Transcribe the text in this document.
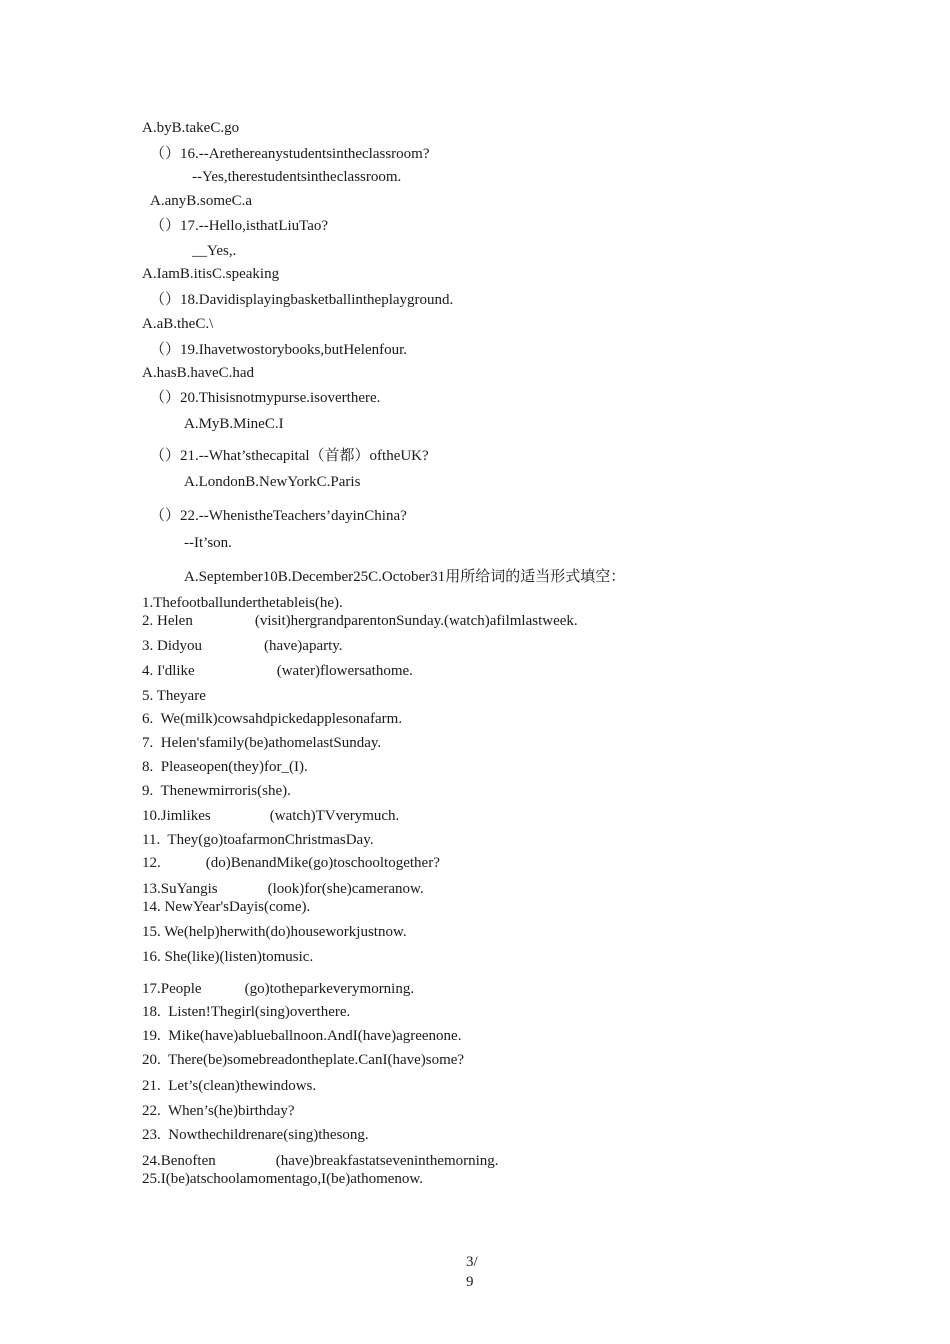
A.byB.takeC.go
（）16.--Arethereanystudentsintheclassroom?
--Yes,therestudentsintheclassroom.
A.anyB.someC.a
（）17.--Hello,isthatLiuTao?
__Yes,.
A.IamB.itisC.speaking
（）18.Davidisplayingbasketballintheplayground.
A.aB.theC.\
（）19.Ihavetwostorybooks,butHelenfour.
A.hasB.haveC.had
（）20.Thisisnotmypurse.isoverthere.
A.MyB.MineC.I
（）21.--What’sthecapital（首都）oftheUK?
A.LondonB.NewYorkC.Paris
（）22.--WhenistheTeachers’dayinChina?
--It’son.
A.September10B.December25C.October31用所给词的适当形式填空：
1.Thefootballunderthetableis(he).
2. Helen	(visit)hergrandparentonSunday.(watch)afilmlastweek.
3. Didyou	(have)aparty.
4. I'dlike	(water)flowersathome.
5. Theyare
6.  We(milk)cowsahdpickedapplesonafarm.
7.  Helen'sfamily(be)athomelastSunday.
8.  Pleaseopen(they)for_(I).
9.  Thenewmirroris(she).
10.Jimlikes	(watch)TVverymuch.
11.  They(go)toafarmonChristmasDay.
12.	(do)BenandMike(go)toschooltogether?
13.SuYangis	(look)for(she)cameranow.
14. NewYear'sDayis(come).
15. We(help)herwith(do)houseworkjustnow.
16. She(like)(listen)tomusic.
17.People	(go)totheparkeverymorning.
18.  Listen!Thegirl(sing)overthere.
19.  Mike(have)ablueballnoon.AndI(have)agreenone.
20.  There(be)somebreadontheplate.CanI(have)some?
21.  Let’s(clean)thewindows.
22.  When’s(he)birthday?
23.  Nowthechildrenare(sing)thesong.
24.Benoften	(have)breakfastatseveninthemorning.
25.I(be)atschoolamomentago,I(be)athomenow.
3/
9
